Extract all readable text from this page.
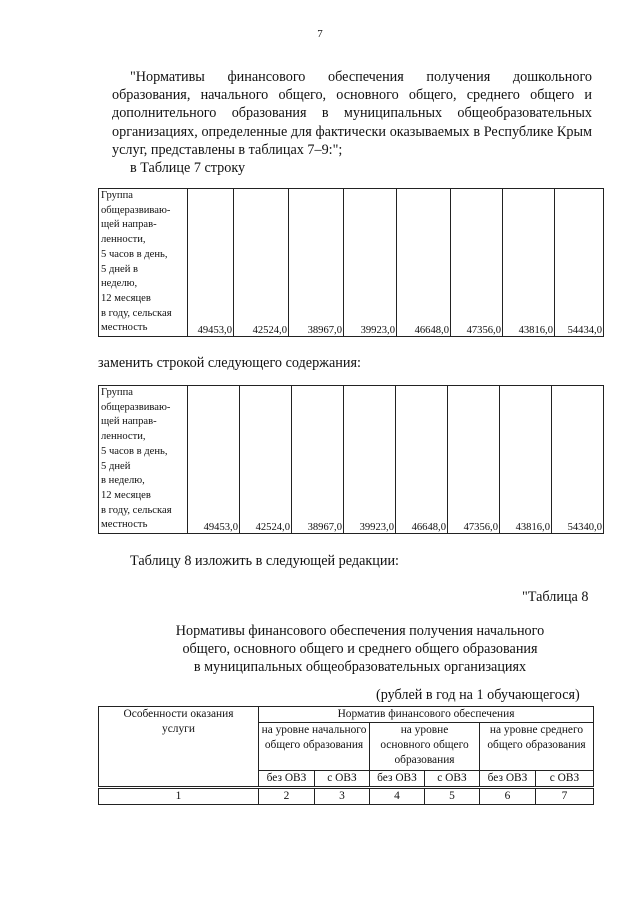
7

"Нормативы финансового обеспечения получения дошкольного

образования, начального общего, основного общего, среднего общего и дополнительного образования в муниципальных общеобразовательных организациях, определенные для фактически оказываемых в Республике Крым услуг, представлены в таблицах 7–9:";

в Таблице 7 строку
Группа
общеразвиваю-
щей направ-
ленности,
5 часов в день,
5 дней в
неделю,
12 месяцев
в году, сельская
местность	49453,0	42524,0	38967,0	39923,0	46648,0	47356,0	43816,0	54434,0
заменить строкой следующего содержания:
Группа
общеразвиваю-
щей направ-
ленности,
5 часов в день,
5 дней
в неделю,
12 месяцев
в году, сельская
местность	49453,0	42524,0	38967,0	39923,0	46648,0	47356,0	43816,0	54340,0
Таблицу 8 изложить в следующей редакции:
"Таблица 8
Нормативы финансового обеспечения получения начального
общего, основного общего и среднего общего образования
в муниципальных общеобразовательных организациях
(рублей в год на 1 обучающегося)
Особенности оказания услуги	Норматив финансового обеспечения					
	на уровне начального общего образования		на уровне основного общего образования		на уровне среднего общего образования	
	без ОВЗ	с ОВЗ	без ОВЗ	с ОВЗ	без ОВЗ	с ОВЗ
1	2	3	4	5	6	7
